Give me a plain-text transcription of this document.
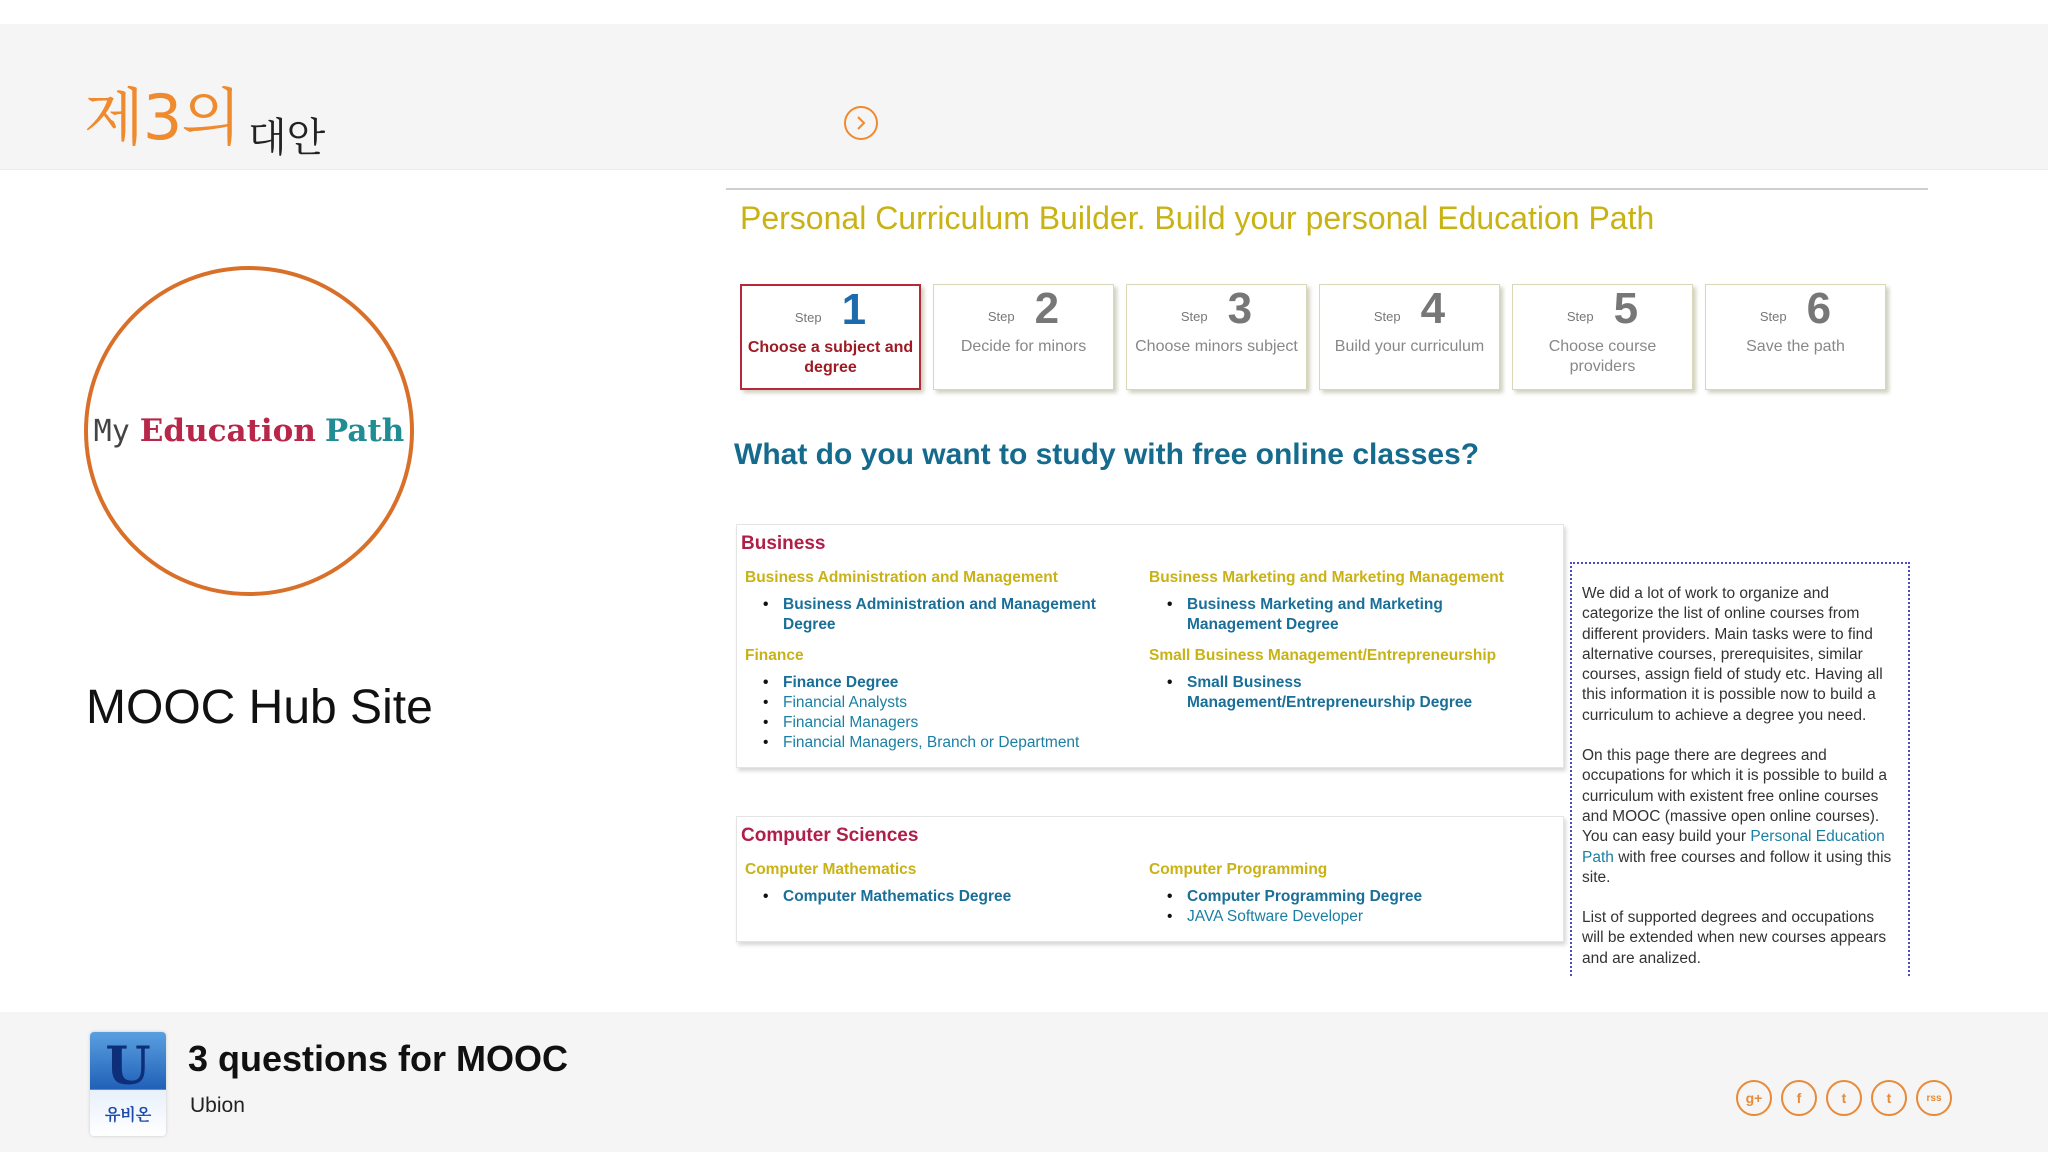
제3의 대안
My Education Path
MOOC Hub Site
Personal Curriculum Builder. Build your personal Education Path
Step 1
Choose a subject and degree
Step 2
Decide for minors
Step 3
Choose minors subject
Step 4
Build your curriculum
Step 5
Choose course providers
Step 6
Save the path
What do you want to study with free online classes?
Business
Business Administration and Management
• Business Administration and Management Degree
Finance
• Finance Degree
• Financial Analysts
• Financial Managers
• Financial Managers, Branch or Department
Business Marketing and Marketing Management
• Business Marketing and Marketing Management Degree
Small Business Management/Entrepreneurship
• Small Business Management/Entrepreneurship Degree
Computer Sciences
Computer Mathematics
• Computer Mathematics Degree
Computer Programming
• Computer Programming Degree
• JAVA Software Developer

We did a lot of work to organize and categorize the list of online courses from different providers. Main tasks were to find alternative courses, prerequisites, similar courses, assign field of study etc. Having all this information it is possible now to build a curriculum to achieve a degree you need.

On this page there are degrees and occupations for which it is possible to build a curriculum with existent free online courses and MOOC (massive open online courses). You can easy build your Personal Education Path with free courses and follow it using this site.

List of supported degrees and occupations will be extended when new courses appears and are analized.

U
유비온
3 questions for MOOC
Ubion	g+ f	t	t	rss
